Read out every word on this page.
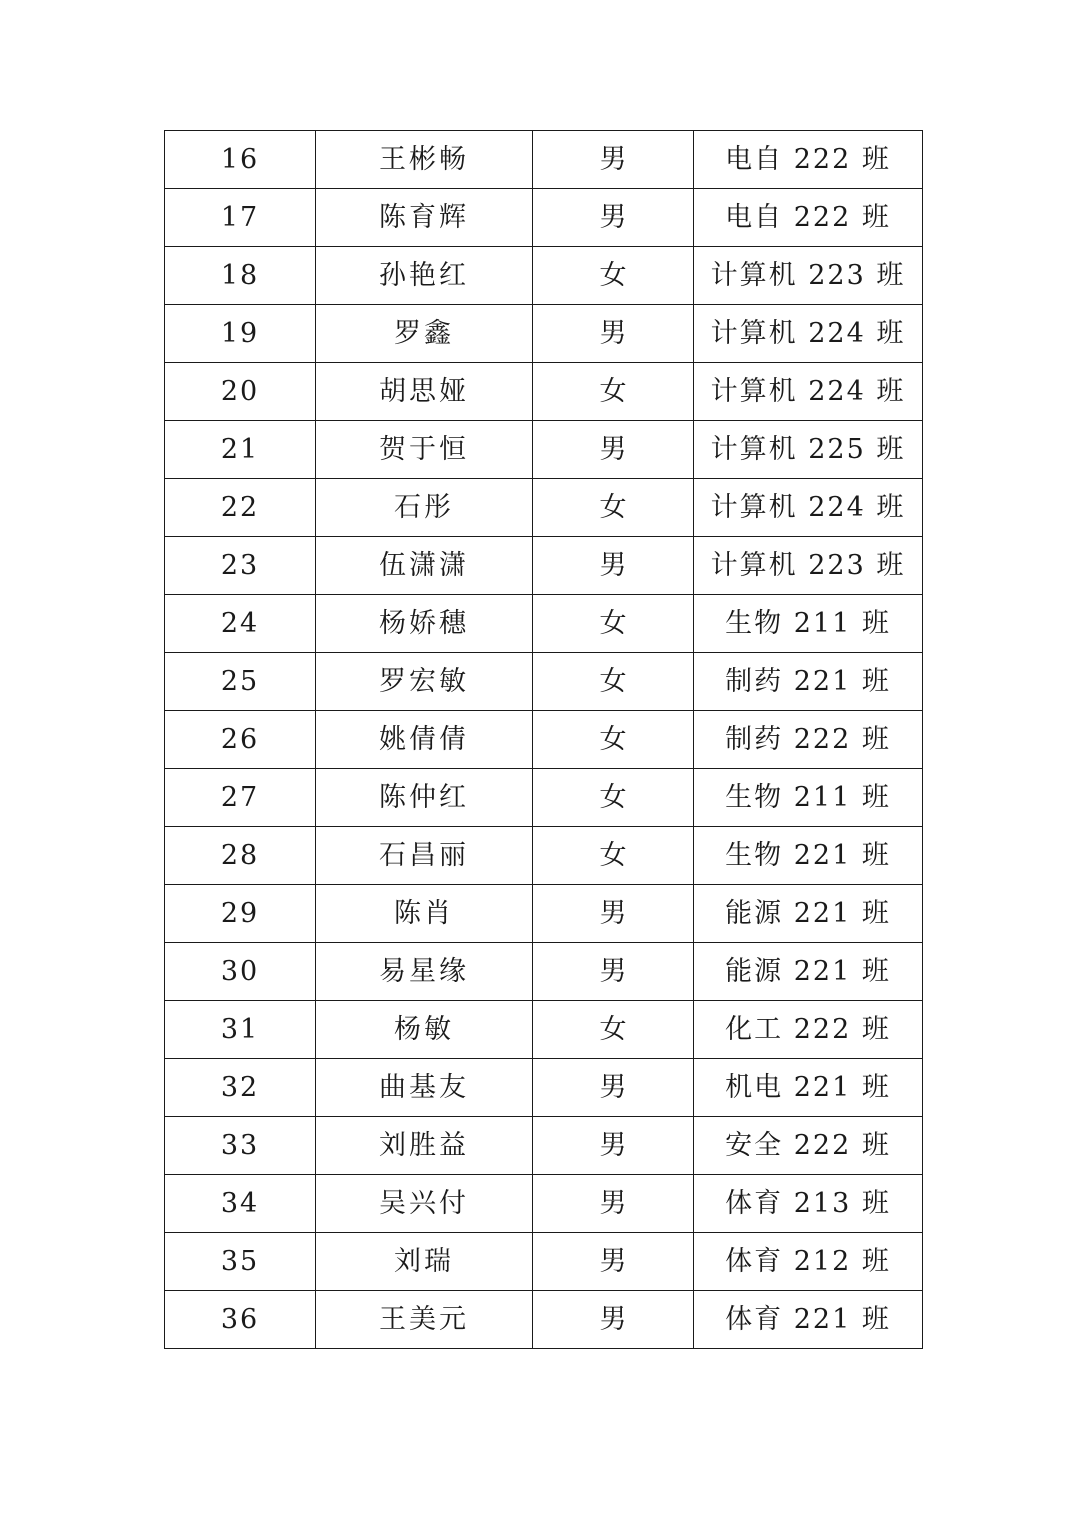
16	王彬畅	男	电自 222 班
17	陈育辉	男	电自 222 班
18	孙艳红	女	计算机 223 班
19	罗鑫	男	计算机 224 班
20	胡思娅	女	计算机 224 班
21	贺于恒	男	计算机 225 班
22	石彤	女	计算机 224 班
23	伍潇潇	男	计算机 223 班
24	杨娇穗	女	生物 211 班
25	罗宏敏	女	制药 221 班
26	姚倩倩	女	制药 222 班
27	陈仲红	女	生物 211 班
28	石昌丽	女	生物 221 班
29	陈肖	男	能源 221 班
30	易星缘	男	能源 221 班
31	杨敏	女	化工 222 班
32	曲基友	男	机电 221 班
33	刘胜益	男	安全 222 班
34	吴兴付	男	体育 213 班
35	刘瑞	男	体育 212 班
36	王美元	男	体育 221 班
